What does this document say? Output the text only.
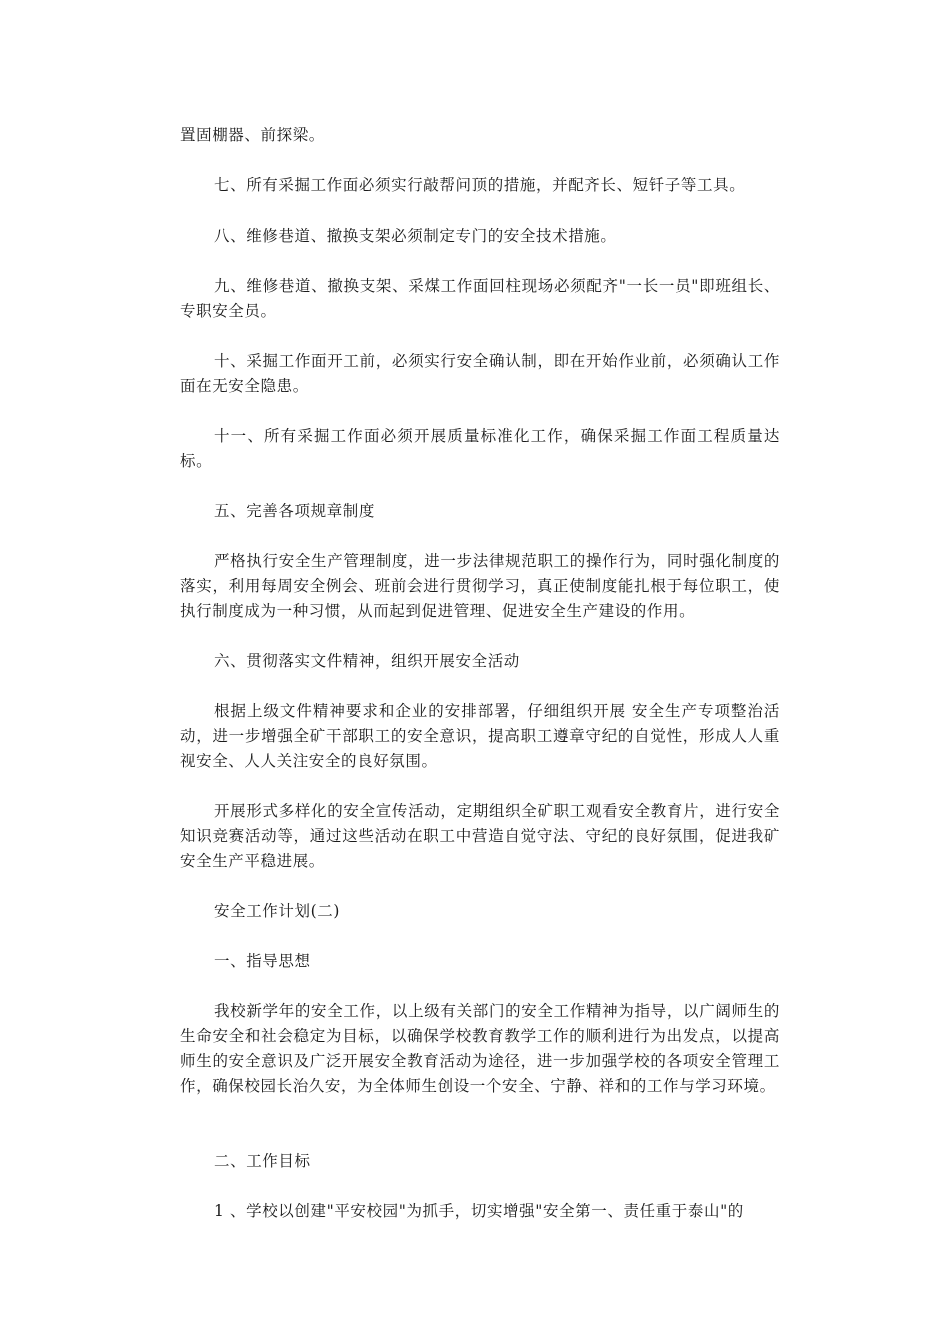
置固棚器、前探梁。

七、所有采掘工作面必须实行敲帮问顶的措施，并配齐长、短钎子等工具。

八、维修巷道、撤换支架必须制定专门的安全技术措施。

九、维修巷道、撤换支架、采煤工作面回柱现场必须配齐"一长一员"即班组长、专职安全员。

十、采掘工作面开工前，必须实行安全确认制，即在开始作业前，必须确认工作面在无安全隐患。

十一、所有采掘工作面必须开展质量标准化工作，确保采掘工作面工程质量达标。

五、完善各项规章制度

严格执行安全生产管理制度，进一步法律规范职工的操作行为，同时强化制度的落实，利用每周安全例会、班前会进行贯彻学习，真正使制度能扎根于每位职工，使执行制度成为一种习惯，从而起到促进管理、促进安全生产建设的作用。

六、贯彻落实文件精神，组织开展安全活动

根据上级文件精神要求和企业的安排部署，仔细组织开展 安全生产专项整治活动，进一步增强全矿干部职工的安全意识，提高职工遵章守纪的自觉性，形成人人重视安全、人人关注安全的良好氛围。

开展形式多样化的安全宣传活动，定期组织全矿职工观看安全教育片，进行安全知识竞赛活动等，通过这些活动在职工中营造自觉守法、守纪的良好氛围，促进我矿安全生产平稳进展。

安全工作计划(二)

一、指导思想

我校新学年的安全工作，以上级有关部门的安全工作精神为指导，以广阔师生的生命安全和社会稳定为目标，以确保学校教育教学工作的顺利进行为出发点，以提高师生的安全意识及广泛开展安全教育活动为途径，进一步加强学校的各项安全管理工作，确保校园长治久安，为全体师生创设一个安全、宁静、祥和的工作与学习环境。

二、工作目标

1 、学校以创建"平安校园"为抓手，切实增强"安全第一、责任重于泰山"的
